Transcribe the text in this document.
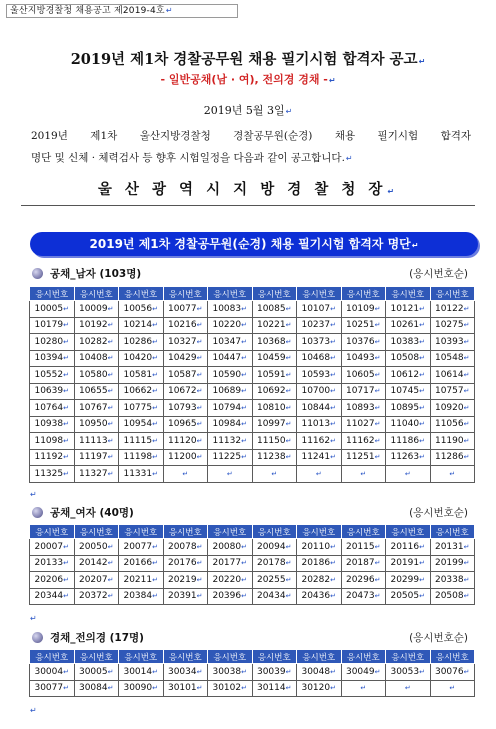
울산지방경찰청 채용공고 제2019-4호↵
2019년 제1차 경찰공무원 채용 필기시험 합격자 공고↵
- 일반공채(남 · 여), 전의경 경채 -↵
2019년 5월 3일↵
2019년 제1차 울산지방경찰청 경찰공무원(순경) 채용 필기시험 합격자
명단 및 신체 · 체력검사 등 향후 시험일정을 다음과 같이 공고합니다.↵
울 산 광 역 시 지 방 경 찰 청 장↵
2019년 제1차 경찰공무원(순경) 채용 필기시험 합격자 명단↵
공채_남자 (103명)	(응시번호순)
응시번호	응시번호	응시번호	응시번호	응시번호	응시번호	응시번호	응시번호	응시번호	응시번호
10005↵	10009↵	10056↵	10077↵	10083↵	10085↵	10107↵	10109↵	10121↵	10122↵
10179↵	10192↵	10214↵	10216↵	10220↵	10221↵	10237↵	10251↵	10261↵	10275↵
10280↵	10282↵	10286↵	10327↵	10347↵	10368↵	10373↵	10376↵	10383↵	10393↵
10394↵	10408↵	10420↵	10429↵	10447↵	10459↵	10468↵	10493↵	10508↵	10548↵
10552↵	10580↵	10581↵	10587↵	10590↵	10591↵	10593↵	10605↵	10612↵	10614↵
10639↵	10655↵	10662↵	10672↵	10689↵	10692↵	10700↵	10717↵	10745↵	10757↵
10764↵	10767↵	10775↵	10793↵	10794↵	10810↵	10844↵	10893↵	10895↵	10920↵
10938↵	10950↵	10954↵	10965↵	10984↵	10997↵	11013↵	11027↵	11040↵	11056↵
11098↵	11113↵	11115↵	11120↵	11132↵	11150↵	11162↵	11162↵	11186↵	11190↵
11192↵	11197↵	11198↵	11200↵	11225↵	11238↵	11241↵	11251↵	11263↵	11286↵
11325↵	11327↵	11331↵	↵	↵	↵	↵	↵	↵	↵
공채_여자 (40명)	(응시번호순)
응시번호	응시번호	응시번호	응시번호	응시번호	응시번호	응시번호	응시번호	응시번호	응시번호
20007↵	20050↵	20077↵	20078↵	20080↵	20094↵	20110↵	20115↵	20116↵	20131↵
20133↵	20142↵	20166↵	20176↵	20177↵	20178↵	20186↵	20187↵	20191↵	20199↵
20206↵	20207↵	20211↵	20219↵	20220↵	20255↵	20282↵	20296↵	20299↵	20338↵
20344↵	20372↵	20384↵	20391↵	20396↵	20434↵	20436↵	20473↵	20505↵	20508↵
경채_전의경 (17명)	(응시번호순)
응시번호	응시번호	응시번호	응시번호	응시번호	응시번호	응시번호	응시번호	응시번호	응시번호
30004↵	30005↵	30014↵	30034↵	30038↵	30039↵	30048↵	30049↵	30053↵	30076↵
30077↵	30084↵	30090↵	30101↵	30102↵	30114↵	30120↵	↵	↵	↵
↵
↵
↵
